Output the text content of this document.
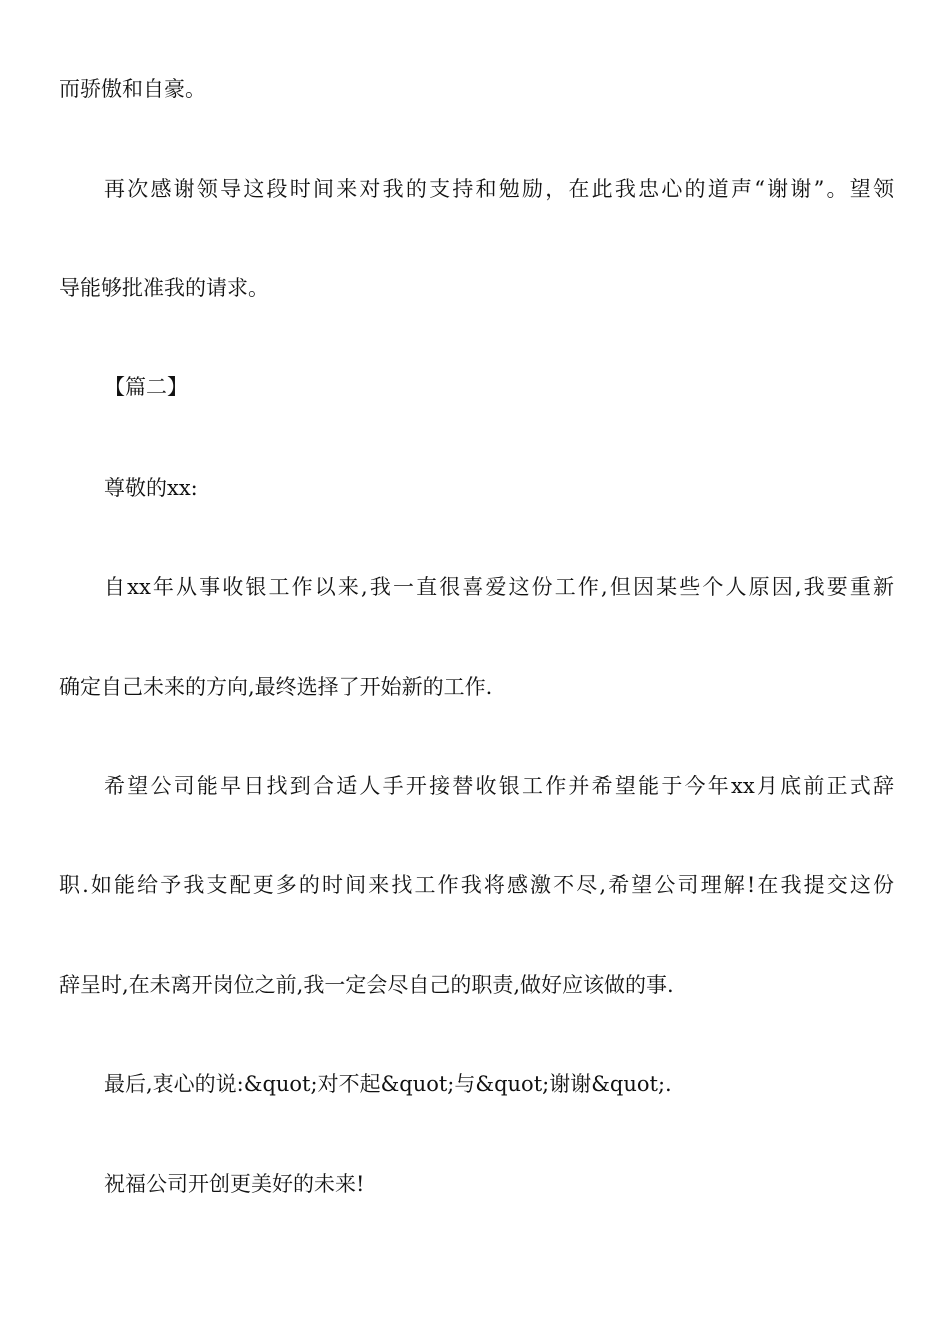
而骄傲和自豪。
再次感谢领导这段时间来对我的支持和勉励，在此我忠心的道声“谢谢”。望领
导能够批准我的请求。
【篇二】
尊敬的xx:
自xx年从事收银工作以来,我一直很喜爱这份工作,但因某些个人原因,我要重新
确定自己未来的方向,最终选择了开始新的工作.
希望公司能早日找到合适人手开接替收银工作并希望能于今年xx月底前正式辞
职.如能给予我支配更多的时间来找工作我将感激不尽,希望公司理解!在我提交这份
辞呈时,在未离开岗位之前,我一定会尽自己的职责,做好应该做的事.
最后,衷心的说:&quot;对不起&quot;与&quot;谢谢&quot;.
祝福公司开创更美好的未来!
